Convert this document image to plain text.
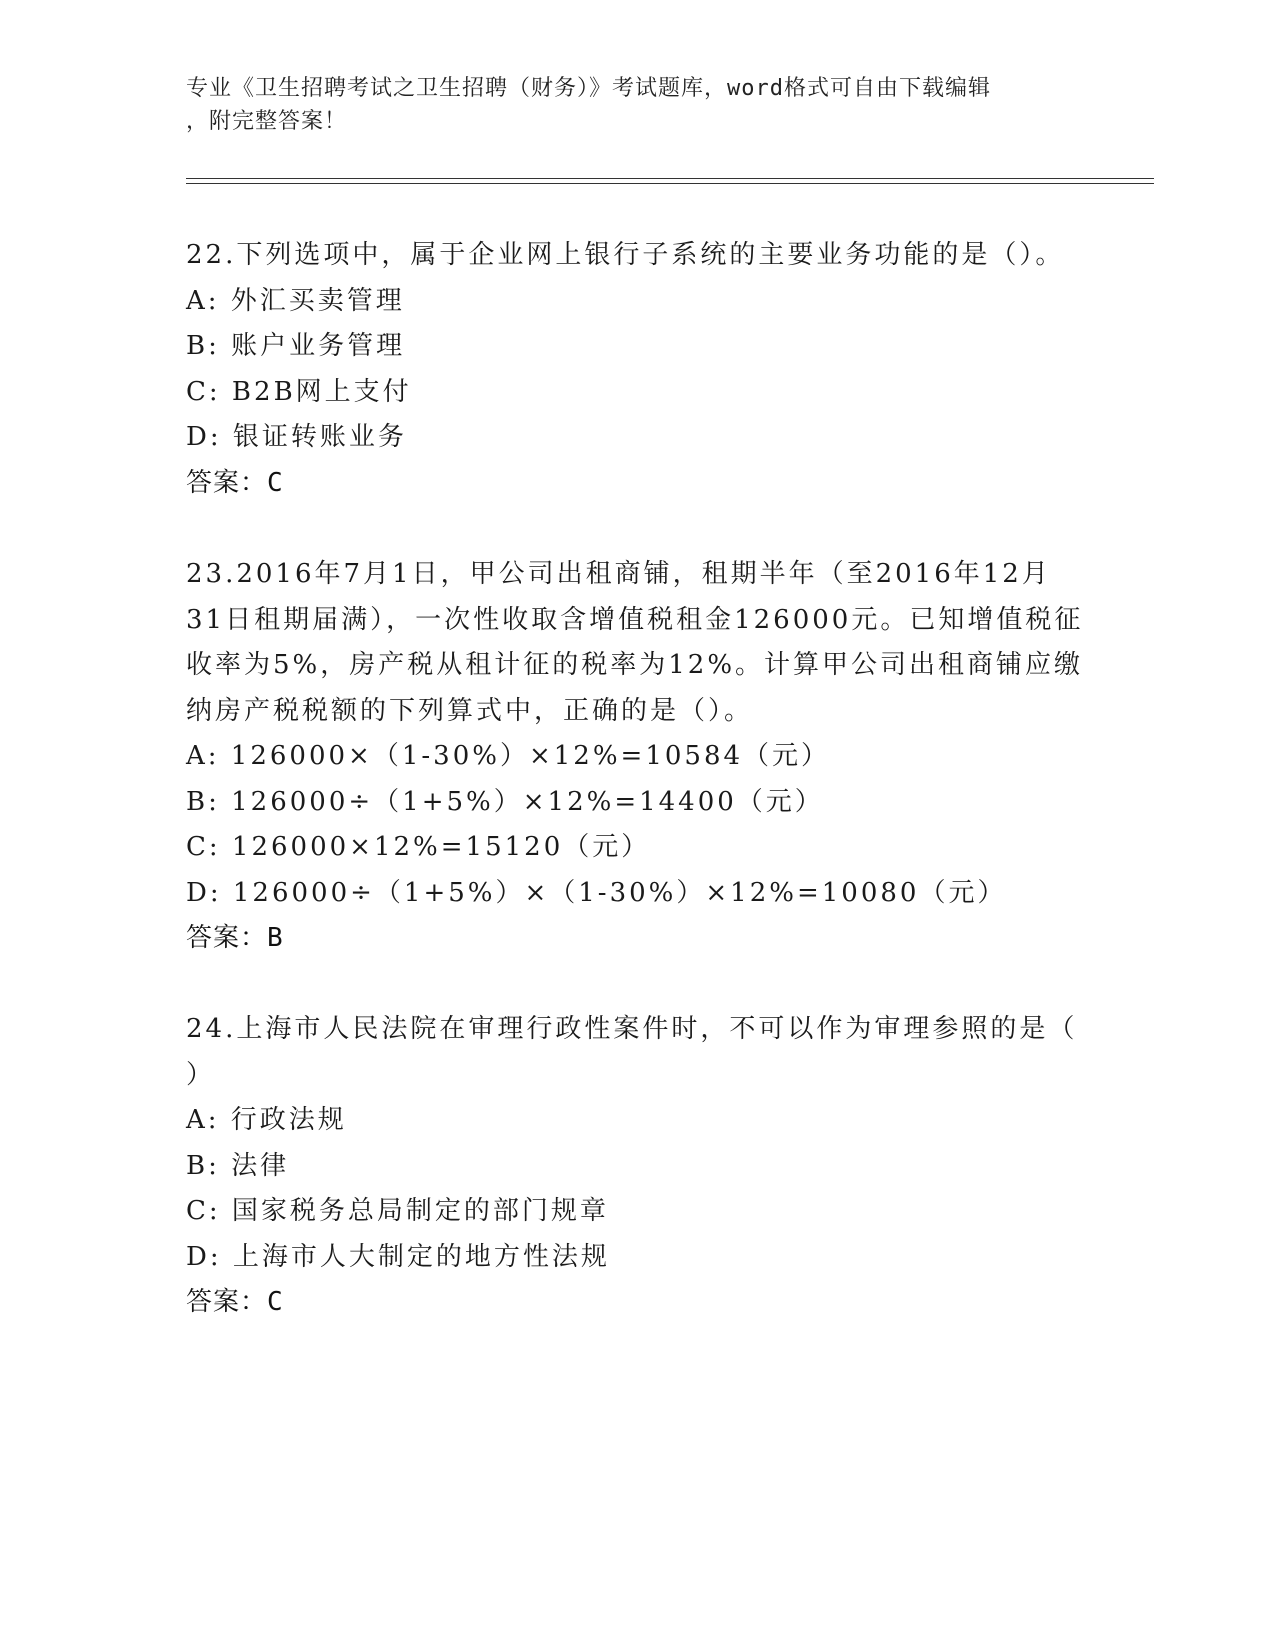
专业《卫生招聘考试之卫生招聘（财务）》考试题库，word格式可自由下载编辑
，附完整答案！

22.下列选项中，属于企业网上银行子系统的主要业务功能的是（）。

A: 外汇买卖管理

B: 账户业务管理

C: B2B网上支付

D: 银证转账业务

答案：C

23.2016年7月1日，甲公司出租商铺，租期半年（至2016年12月

31日租期届满），一次性收取含增值税租金126000元。已知增值税征

收率为5%，房产税从租计征的税率为12%。计算甲公司出租商铺应缴

纳房产税税额的下列算式中，正确的是（）。

A: 126000×（1-30%）×12%=10584（元）

B: 126000÷（1+5%）×12%=14400（元）

C: 126000×12%=15120（元）

D: 126000÷（1+5%）×（1-30%）×12%=10080（元）

答案：B

24.上海市人民法院在审理行政性案件时，不可以作为审理参照的是（

）

A: 行政法规

B: 法律

C: 国家税务总局制定的部门规章

D: 上海市人大制定的地方性法规

答案：C
